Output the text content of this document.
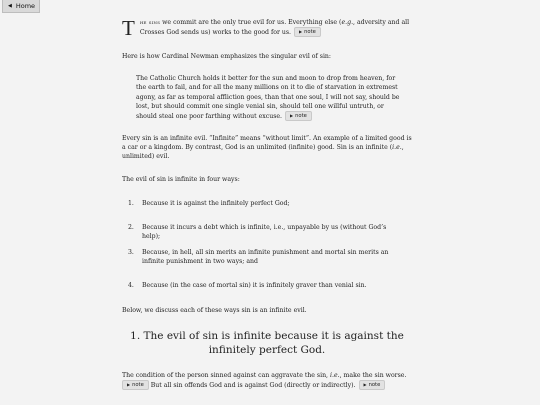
◀ Home
T he sins we commit are the only true evil for us. Everything else (e.g., adversity and all Crosses God sends us) works to the good for us. ▶ note

Here is how Cardinal Newman emphasizes the singular evil of sin:

The Catholic Church holds it better for the sun and moon to drop from heaven, for the earth to fail, and for all the many millions on it to die of starvation in extremest agony, as far as temporal affliction goes, than that one soul, I will not say, should be lost, but should commit one single venial sin, should tell one willful untruth, or should steal one poor farthing without excuse. ▶ note

Every sin is an infinite evil. “Infinite” means “without limit”. An example of a limited good is a car or a kingdom. By contrast, God is an unlimited (infinite) good. Sin is an infinite (i.e., unlimited) evil.

The evil of sin is infinite in four ways:

1. Because it is against the infinitely perfect God;
2. Because it incurs a debt which is infinite, i.e., unpayable by us (without God’s help);
3. Because, in hell, all sin merits an infinite punishment and mortal sin merits an infinite punishment in two ways; and
4. Because (in the case of mortal sin) it is infinitely graver than venial sin.

Below, we discuss each of these ways sin is an infinite evil.

1. The evil of sin is infinite because it is against the infinitely perfect God.

The condition of the person sinned against can aggravate the sin, i.e., make the sin worse.
▶ note But all sin offends God and is against God (directly or indirectly). ▶ note
